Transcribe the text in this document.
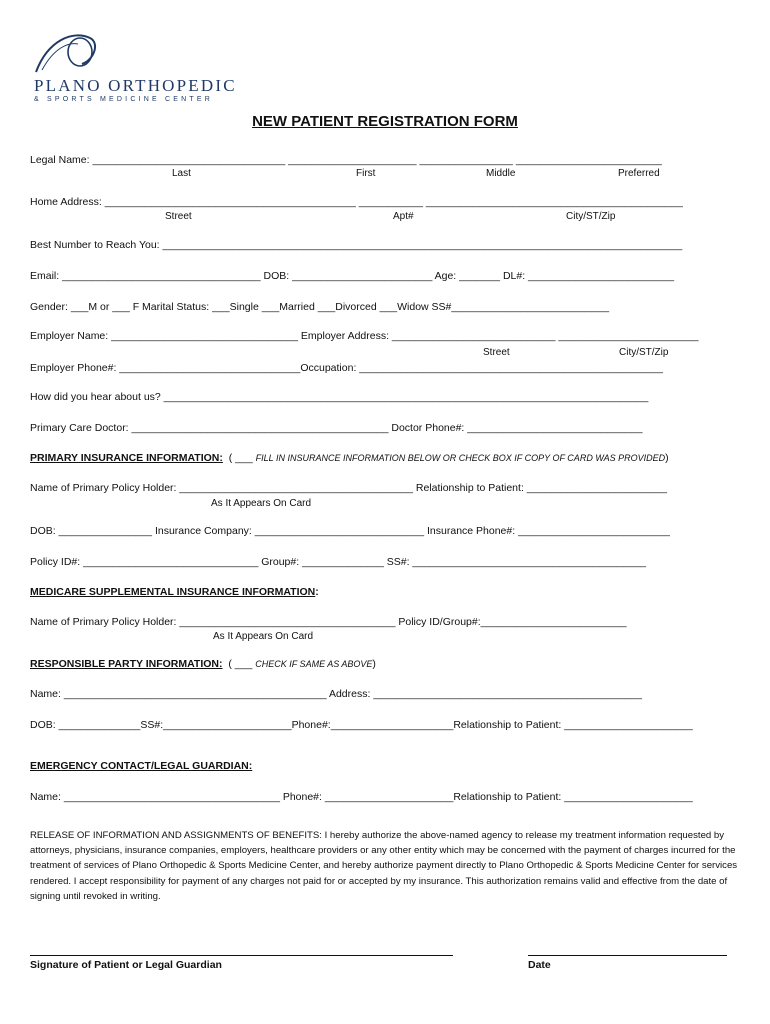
PLANO ORTHOPEDIC
& SPORTS MEDICINE CENTER
NEW PATIENT REGISTRATION FORM
Legal Name: _________________________________ ______________________ ________________ _________________________
Last	First	Middle	Preferred
Home Address: ___________________________________________ ___________ ____________________________________________
Street	Apt#	City/ST/Zip
Best Number to Reach You: _________________________________________________________________________________________
Email: __________________________________ DOB: ________________________ Age: _______ DL#: _________________________
Gender: ___M or ___ F Marital Status: ___Single ___Married ___Divorced ___Widow SS#___________________________
Employer Name: ________________________________ Employer Address: ____________________________ ________________________
Street	City/ST/Zip
Employer Phone#: _______________________________Occupation: ____________________________________________________
How did you hear about us? ___________________________________________________________________________________
Primary Care Doctor: ____________________________________________ Doctor Phone#: ______________________________
PRIMARY INSURANCE INFORMATION:  ( ___ FILL IN INSURANCE INFORMATION BELOW OR CHECK BOX IF COPY OF CARD WAS PROVIDED)
Name of Primary Policy Holder: ________________________________________ Relationship to Patient: ________________________
As It Appears On Card
DOB: ________________ Insurance Company: _____________________________ Insurance Phone#: __________________________
Policy ID#: ______________________________ Group#: ______________ SS#: ________________________________________
MEDICARE SUPPLEMENTAL INSURANCE INFORMATION:
Name of Primary Policy Holder: _____________________________________ Policy ID/Group#:_________________________
As It Appears On Card
RESPONSIBLE PARTY INFORMATION:  ( ___ CHECK IF SAME AS ABOVE)
Name: _____________________________________________ Address: ______________________________________________
DOB: ______________SS#:______________________Phone#:_____________________Relationship to Patient: ______________________
EMERGENCY CONTACT/LEGAL GUARDIAN:
Name: _____________________________________ Phone#: ______________________Relationship to Patient: ______________________
RELEASE OF INFORMATION AND ASSIGNMENTS OF BENEFITS: I hereby authorize the above-named agency to release my treatment information requested by attorneys, physicians, insurance companies, employers, healthcare providers or any other entity which may be concerned with the payment of charges incurred for the treatment of services of Plano Orthopedic & Sports Medicine Center, and hereby authorize payment directly to Plano Orthopedic & Sports Medicine Center for services rendered. I accept responsibility for payment of any charges not paid for or accepted by my insurance. This authorization remains valid and effective from the date of signing until revoked in writing.
Signature of Patient or Legal Guardian	Date
